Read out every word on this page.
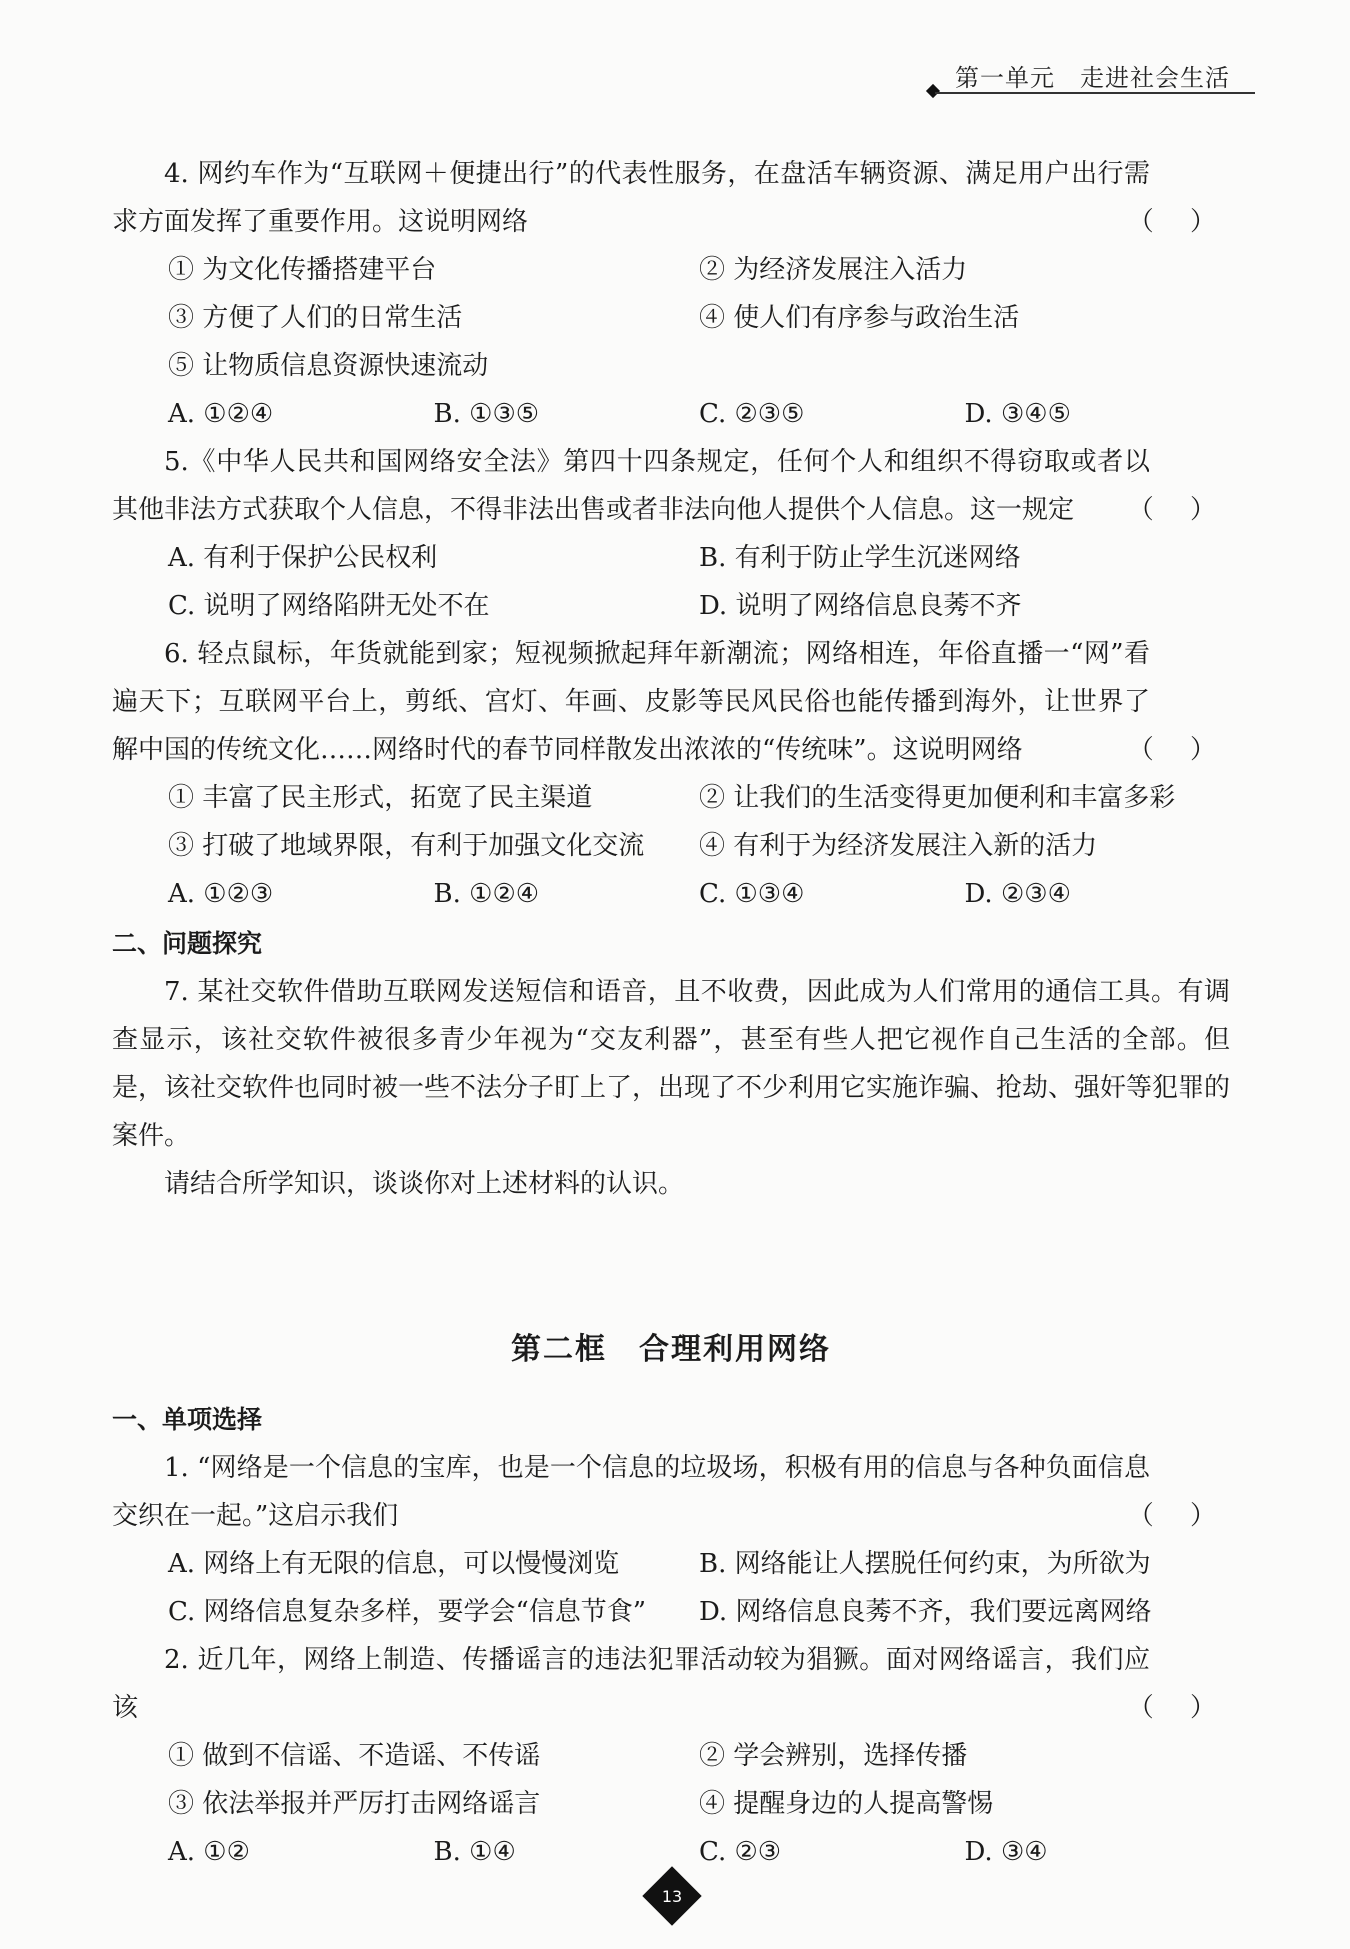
第一单元　走进社会生活
4. 网约车作为“互联网＋便捷出行”的代表性服务，在盘活车辆资源、满足用户出行需求方面发挥了重要作用。这说明网络	（ ）
① 为文化传播搭建平台	② 为经济发展注入活力
③ 方便了人们的日常生活	④ 使人们有序参与政治生活
⑤ 让物质信息资源快速流动
A. ①②④	B. ①③⑤	C. ②③⑤	D. ③④⑤
5.《中华人民共和国网络安全法》第四十四条规定，任何个人和组织不得窃取或者以其他非法方式获取个人信息，不得非法出售或者非法向他人提供个人信息。这一规定	（ ）
A. 有利于保护公民权利	B. 有利于防止学生沉迷网络
C. 说明了网络陷阱无处不在	D. 说明了网络信息良莠不齐
6. 轻点鼠标，年货就能到家；短视频掀起拜年新潮流；网络相连，年俗直播一“网”看遍天下；互联网平台上，剪纸、宫灯、年画、皮影等民风民俗也能传播到海外，让世界了解中国的传统文化……网络时代的春节同样散发出浓浓的“传统味”。这说明网络	（ ）
① 丰富了民主形式，拓宽了民主渠道	② 让我们的生活变得更加便利和丰富多彩
③ 打破了地域界限，有利于加强文化交流	④ 有利于为经济发展注入新的活力
A. ①②③	B. ①②④	C. ①③④	D. ②③④
二、问题探究
7. 某社交软件借助互联网发送短信和语音，且不收费，因此成为人们常用的通信工具。有调查显示，该社交软件被很多青少年视为“交友利器”，甚至有些人把它视作自己生活的全部。但是，该社交软件也同时被一些不法分子盯上了，出现了不少利用它实施诈骗、抢劫、强奸等犯罪的案件。
请结合所学知识，谈谈你对上述材料的认识。
第二框　合理利用网络
一、单项选择
1. “网络是一个信息的宝库，也是一个信息的垃圾场，积极有用的信息与各种负面信息交织在一起。”这启示我们	（ ）
A. 网络上有无限的信息，可以慢慢浏览	B. 网络能让人摆脱任何约束，为所欲为
C. 网络信息复杂多样，要学会“信息节食”	D. 网络信息良莠不齐，我们要远离网络
2. 近几年，网络上制造、传播谣言的违法犯罪活动较为猖獗。面对网络谣言，我们应该	（ ）
① 做到不信谣、不造谣、不传谣	② 学会辨别，选择传播
③ 依法举报并严厉打击网络谣言	④ 提醒身边的人提高警惕
A. ①②	B. ①④	C. ②③	D. ③④
13
